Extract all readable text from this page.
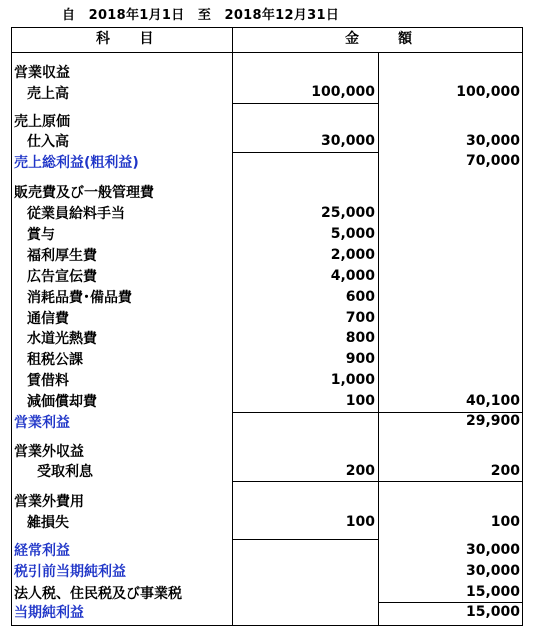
自　2018年1月1日　至　2018年12月31日
科　　目	金	額
営業収益
売上高
売上原価
仕入高
売上総利益(粗利益)
販売費及び一般管理費
従業員給料手当
賞与
福利厚生費
広告宣伝費
消耗品費･備品費
通信費
水道光熱費
租税公課
賃借料
減価償却費
営業利益
営業外収益
受取利息
営業外費用
雑損失
経常利益
税引前当期純利益
法人税、住民税及び事業税
当期純利益
100,000
30,000
25,000
5,000
2,000
4,000
600
700
800
900
1,000
100
200
100
100,000
30,000
70,000
40,100
29,900
200
100
30,000
30,000
15,000
15,000
